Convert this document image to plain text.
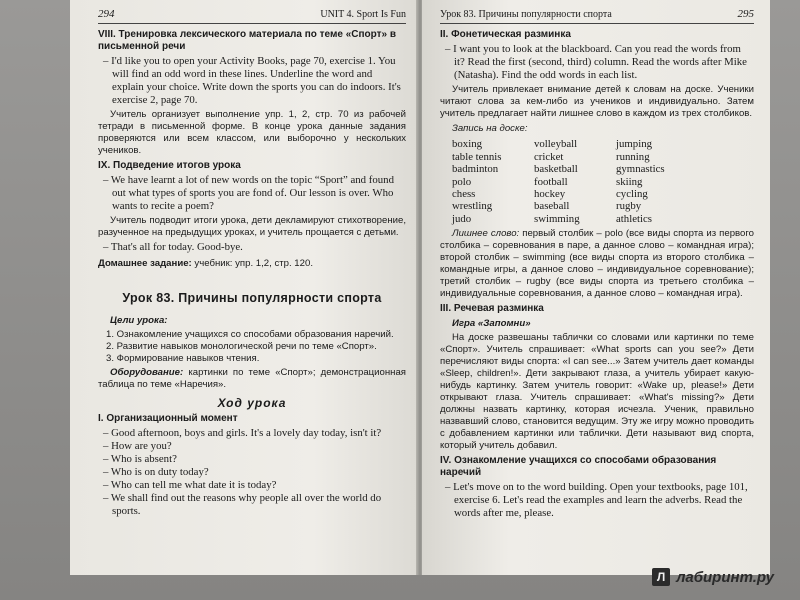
294	UNIT 4. Sport Is Fun
VIII. Тренировка лексического материала по теме «Спорт» в письменной речи
– I'd like you to open your Activity Books, page 70, exercise 1. You will find an odd word in these lines. Underline the word and explain your choice. Write down the sports you can do indoors. It's exercise 2, page 70.
Учитель организует выполнение упр. 1, 2, стр. 70 из рабочей тетради в письменной форме. В конце урока данные задания проверяются или всем классом, или выборочно у нескольких учеников.
IX. Подведение итогов урока
– We have learnt a lot of new words on the topic “Sport” and found out what types of sports you are fond of. Our lesson is over. Who wants to recite a poem?
Учитель подводит итоги урока, дети декламируют стихотворение, разученное на предыдущих уроках, и учитель прощается с детьми.
– That's all for today. Good-bye.
Домашнее задание: учебник: упр. 1,2, стр. 120.
Урок 83. Причины популярности спорта
Цели урока:
1. Ознакомление учащихся со способами образования наречий.
2. Развитие навыков монологической речи по теме «Спорт».
3. Формирование навыков чтения.
Оборудование: картинки по теме «Спорт»; демонстрационная таблица по теме «Наречия».
Ход урока
I. Организационный момент
– Good afternoon, boys and girls. It's a lovely day today, isn't it?
– How are you?
– Who is absent?
– Who is on duty today?
– Who can tell me what date it is today?
– We shall find out the reasons why people all over the world do sports.
Урок 83. Причины популярности спорта	295
II. Фонетическая разминка
– I want you to look at the blackboard. Can you read the words from it? Read the first (second, third) column. Read the words after Mike (Natasha). Find the odd words in each list.
Учитель привлекает внимание детей к словам на доске. Ученики читают слова за кем-либо из учеников и индивидуально. Затем учитель предлагает найти лишнее слово в каждом из трех столбиков.
Запись на доске:
boxing	volleyball	jumping
table tennis	cricket	running
badminton	basketball	gymnastics
polo	football	skiing
chess	hockey	cycling
wrestling	baseball	rugby
judo	swimming	athletics
Лишнее слово: первый столбик – polo (все виды спорта из первого столбика – соревнования в паре, а данное слово – командная игра); второй столбик – swimming (все виды спорта из второго столбика – командные игры, а данное слово – индивидуальное соревнование); третий столбик – rugby (все виды спорта из третьего столбика – индивидуальные соревнования, а данное слово – командная игра).
III. Речевая разминка
Игра «Запомни»
На доске развешаны таблички со словами или картинки по теме «Спорт». Учитель спрашивает: «What sports can you see?» Дети перечисляют виды спорта: «I can see...» Затем учитель дает команды «Sleep, children!». Дети закрывают глаза, а учитель убирает какую-нибудь картинку. Затем учитель говорит: «Wake up, please!» Дети открывают глаза. Учитель спрашивает: «What's missing?» Дети должны назвать картинку, которая исчезла. Ученик, правильно назвавший слово, становится ведущим. Эту же игру можно проводить с добавлением картинки или таблички. Дети называют вид спорта, который учитель добавил.
IV. Ознакомление учащихся со способами образования наречий
– Let's move on to the word building. Open your textbooks, page 101, exercise 6. Let's read the examples and learn the adverbs. Read the words after me, please.
Л лабиринт.ру
